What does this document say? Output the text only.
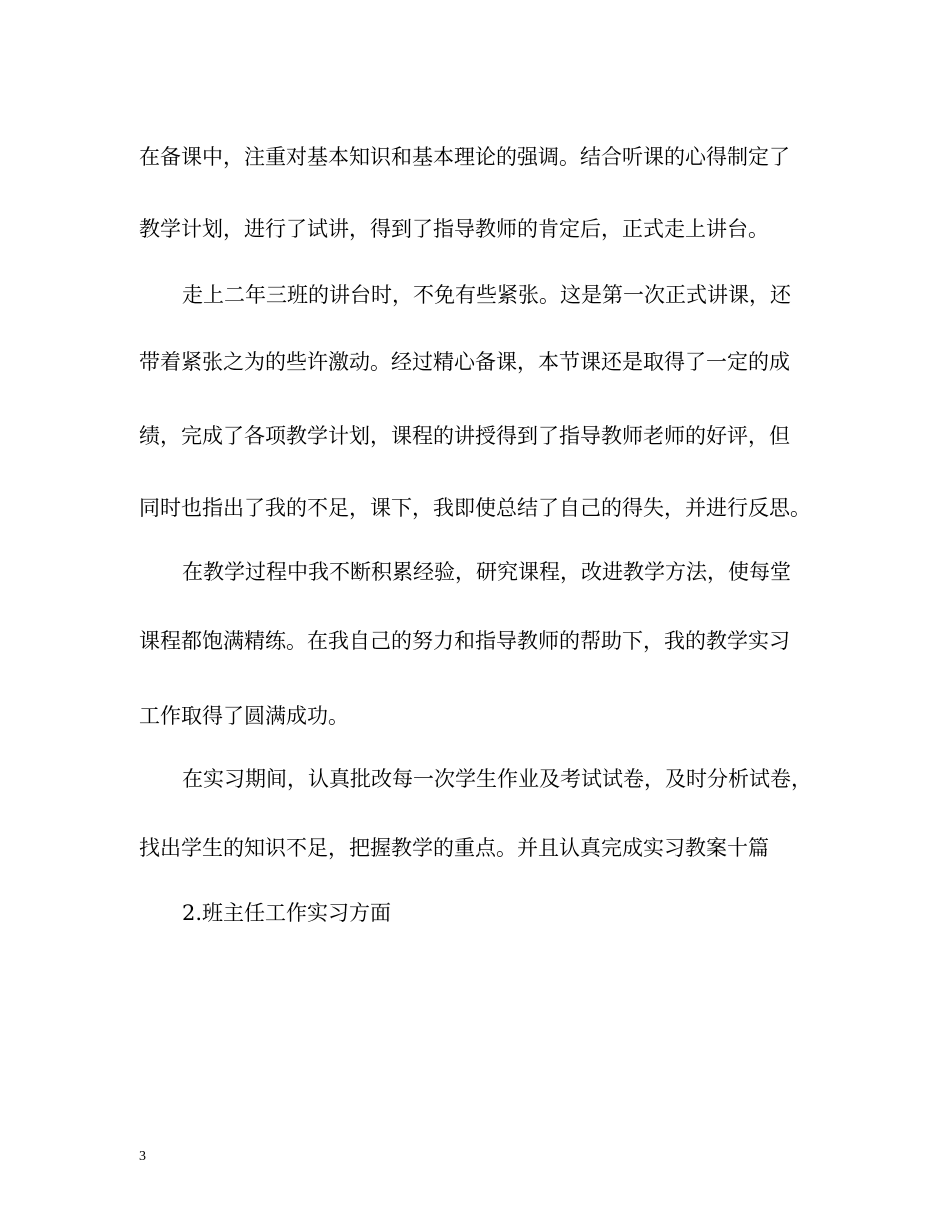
在备课中，注重对基本知识和基本理论的强调。结合听课的心得制定了
教学计划，进行了试讲，得到了指导教师的肯定后，正式走上讲台。
走上二年三班的讲台时，不免有些紧张。这是第一次正式讲课，还
带着紧张之为的些许激动。经过精心备课，本节课还是取得了一定的成
绩，完成了各项教学计划，课程的讲授得到了指导教师老师的好评，但
同时也指出了我的不足，课下，我即使总结了自己的得失，并进行反思。
在教学过程中我不断积累经验，研究课程，改进教学方法，使每堂
课程都饱满精练。在我自己的努力和指导教师的帮助下，我的教学实习
工作取得了圆满成功。
在实习期间，认真批改每一次学生作业及考试试卷，及时分析试卷，
找出学生的知识不足，把握教学的重点。并且认真完成实习教案十篇
2.班主任工作实习方面
3
